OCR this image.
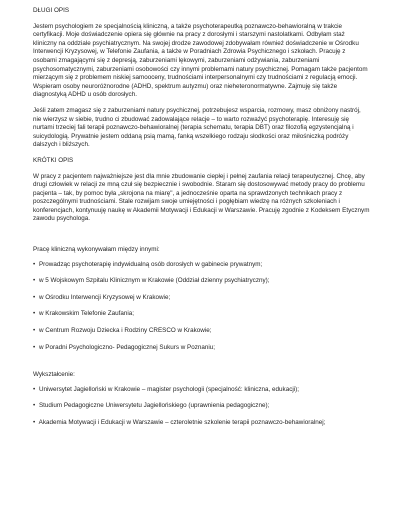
DŁUGI OPIS

Jestem psychologiem ze specjalnością kliniczną, a także psychoterapeutką poznawczo-behawioralną w trakcie certyfikacji. Moje doświadczenie opiera się głównie na pracy z dorosłymi i starszymi nastolatkami. Odbyłam staż kliniczny na oddziale psychiatrycznym. Na swojej drodze zawodowej zdobywałam również doświadczenie w Ośrodku Interwencji Kryzysowej, w Telefonie Zaufania, a także w Poradniach Zdrowia Psychicznego i szkołach. Pracuję z osobami zmagającymi się z depresją, zaburzeniami lękowymi, zaburzeniami odżywiania, zaburzeniami psychosomatycznymi, zaburzeniami osobowości czy innymi problemami natury psychicznej. Pomagam także pacjentom mierzącym się z problemem niskiej samooceny, trudnościami interpersonalnymi czy trudnościami z regulacją emocji. Wspieram osoby neuroróżnorodne (ADHD, spektrum autyzmu) oraz nieheteronormatywne. Zajmuję się także diagnostyką ADHD u osób dorosłych.

Jeśli zatem zmagasz się z zaburzeniami natury psychicznej, potrzebujesz wsparcia, rozmowy, masz obniżony nastrój, nie wierzysz w siebie, trudno ci zbudować zadowalające relacje – to warto rozważyć psychoterapię. Interesuję się nurtami trzeciej fali terapii poznawczo-behawioralnej (terapia schematu, terapia DBT) oraz filozofią egzystencjalną i suicydologią. Prywatnie jestem oddaną psią mamą, fanką wszelkiego rodzaju słodkości oraz miłośniczką podróży dalszych i bliższych.

KRÓTKI OPIS

W pracy z pacjentem najważniejsze jest dla mnie zbudowanie ciepłej i pełnej zaufania relacji terapeutycznej. Chcę, aby drugi człowiek w relacji ze mną czuł się bezpiecznie i swobodnie. Staram się dostosowywać metody pracy do problemu pacjenta – tak, by pomoc była „skrojona na miarę", a jednocześnie oparta na sprawdzonych technikach pracy z poszczególnymi trudnościami. Stale rozwijam swoje umiejętności i pogłębiam wiedzę na różnych szkoleniach i konferencjach, kontynuuję naukę w Akademii Motywacji i Edukacji w Warszawie. Pracuję zgodnie z Kodeksem Etycznym zawodu psychologa.

Pracę kliniczną wykonywałam między innymi:
• Prowadząc psychoterapię indywidualną osób dorosłych w gabinecie prywatnym;
• w 5 Wojskowym Szpitalu Klinicznym w Krakowie (Oddział dzienny psychiatryczny);
• w Ośrodku Interwencji Kryzysowej w Krakowie;
• w Krakowskim Telefonie Zaufania;
• w Centrum Rozwoju Dziecka i Rodziny CRESCO w Krakowie;
• w Poradni Psychologiczno- Pedagogicznej Sukurs w Poznaniu;
Wykształcenie:
• Uniwersytet Jagielloński w Krakowie – magister psychologii (specjalność: kliniczna, edukacji);
• Studium Pedagogiczne Uniwersytetu Jagiellońskiego (uprawnienia pedagogiczne);
• Akademia Motywacji i Edukacji w Warszawie – czteroletnie szkolenie terapii poznawczo-behawioralnej;
